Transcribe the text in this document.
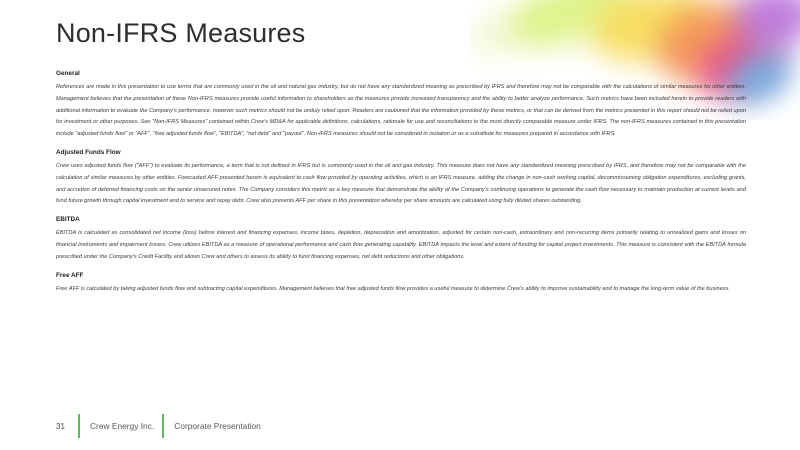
Non-IFRS Measures
General

References are made in this presentation to use terms that are commonly used in the oil and natural gas industry, but do not have any standardized meaning as prescribed by IFRS and therefore may not be comparable with the calculations of similar measures for other entities. Management believes that the presentation of these Non-IFRS measures provide useful information to shareholders as the measures provide increased transparency and the ability to better analyze performance. Such metrics have been included herein to provide readers with additional information to evaluate the Company's performance, however such metrics should not be unduly relied upon. Readers are cautioned that the information provided by these metrics, or that can be derived from the metrics presented in this report should not be relied upon for investment or other purposes. See "Non-IFRS Measures" contained within Crew's MD&A for applicable definitions, calculations, rationale for use and reconciliations to the most directly comparable measure under IFRS. The non-IFRS measures contained in this presentation include "adjusted funds flow" or "AFF", "free adjusted funds flow", "EBITDA", "net debt" and "payout". Non-IFRS measures should not be considered in isolation or as a substitute for measures prepared in accordance with IFRS.

Adjusted Funds Flow

Crew uses adjusted funds flow ("AFF") to evaluate its performance, a term that is not defined in IFRS but is commonly used in the oil and gas industry. This measure does not have any standardized meaning prescribed by IFRS, and therefore may not be comparable with the calculation of similar measures by other entities. Forecasted AFF presented herein is equivalent to cash flow provided by operating activities, which is an IFRS measure, adding the change in non-cash working capital, decommissioning obligation expenditures, excluding grants, and accretion of deferred financing costs on the senior unsecured notes. The Company considers this metric as a key measure that demonstrate the ability of the Company's continuing operations to generate the cash flow necessary to maintain production at current levels and fund future growth through capital investment and to service and repay debt. Crew also presents AFF per share in this presentation whereby per share amounts are calculated using fully diluted shares outstanding.

EBITDA

EBITDA is calculated as consolidated net income (loss) before interest and financing expenses, income taxes, depletion, depreciation and amortization, adjusted for certain non-cash, extraordinary and non-recurring items primarily relating to unrealized gains and losses on financial instruments and impairment losses. Crew utilizes EBITDA as a measure of operational performance and cash flow generating capability. EBITDA impacts the level and extent of funding for capital project investments. This measure is consistent with the EBITDA formula prescribed under the Company's Credit Facility and allows Crew and others to assess its ability to fund financing expenses, net debt reductions and other obligations.

Free AFF

Free AFF is calculated by taking adjusted funds flow and subtracting capital expenditures. Management believes that free adjusted funds flow provides a useful measure to determine Crew's ability to improve sustainability and to manage the long-term value of the business.

31	Crew Energy Inc. Corporate Presentation
